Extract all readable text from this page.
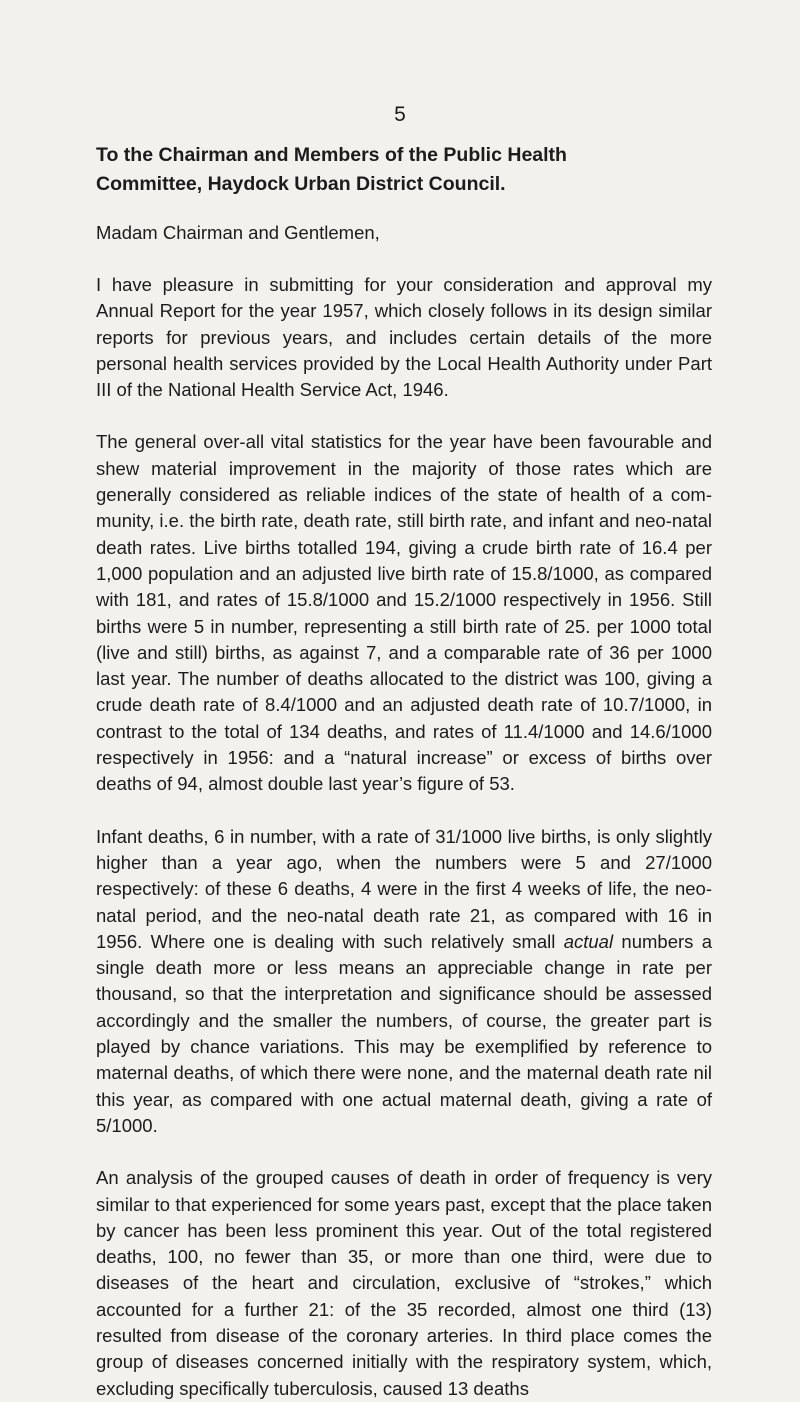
5
To the Chairman and Members of the Public Health
Committee, Haydock Urban District Council.

Madam Chairman and Gentlemen,

I have pleasure in submitting for your consideration and approval my Annual Report for the year 1957, which closely follows in its design similar reports for previous years, and includes certain details of the more personal health services provided by the Local Health Authority under Part III of the National Health Service Act, 1946.

The general over-all vital statistics for the year have been favourable and shew material improvement in the majority of those rates which are generally considered as reliable indices of the state of health of a com- munity, i.e. the birth rate, death rate, still birth rate, and infant and neo-natal death rates. Live births totalled 194, giving a crude birth rate of 16.4 per 1,000 population and an adjusted live birth rate of 15.8/1000, as compared with 181, and rates of 15.8/1000 and 15.2/1000 respectively in 1956. Still births were 5 in number, representing a still birth rate of 25. per 1000 total (live and still) births, as against 7, and a comparable rate of 36 per 1000 last year. The number of deaths allocated to the district was 100, giving a crude death rate of 8.4/1000 and an adjusted death rate of 10.7/1000, in contrast to the total of 134 deaths, and rates of 11.4/1000 and 14.6/1000 respectively in 1956: and a “natural increase” or excess of births over deaths of 94, almost double last year’s figure of 53.

Infant deaths, 6 in number, with a rate of 31/1000 live births, is only slightly higher than a year ago, when the numbers were 5 and 27/1000 respectively: of these 6 deaths, 4 were in the first 4 weeks of life, the neo-natal period, and the neo-natal death rate 21, as compared with 16 in 1956. Where one is dealing with such relatively small actual numbers a single death more or less means an appreciable change in rate per thousand, so that the interpretation and significance should be assessed accordingly and the smaller the numbers, of course, the greater part is played by chance variations. This may be exemplified by reference to maternal deaths, of which there were none, and the maternal death rate nil this year, as compared with one actual maternal death, giving a rate of 5/1000.

An analysis of the grouped causes of death in order of frequency is very similar to that experienced for some years past, except that the place taken by cancer has been less prominent this year. Out of the total registered deaths, 100, no fewer than 35, or more than one third, were due to diseases of the heart and circulation, exclusive of “strokes,” which accounted for a further 21: of the 35 recorded, almost one third (13) resulted from disease of the coronary arteries. In third place comes the group of diseases concerned initially with the respiratory system, which, excluding specifically tuberculosis, caused 13 deaths
